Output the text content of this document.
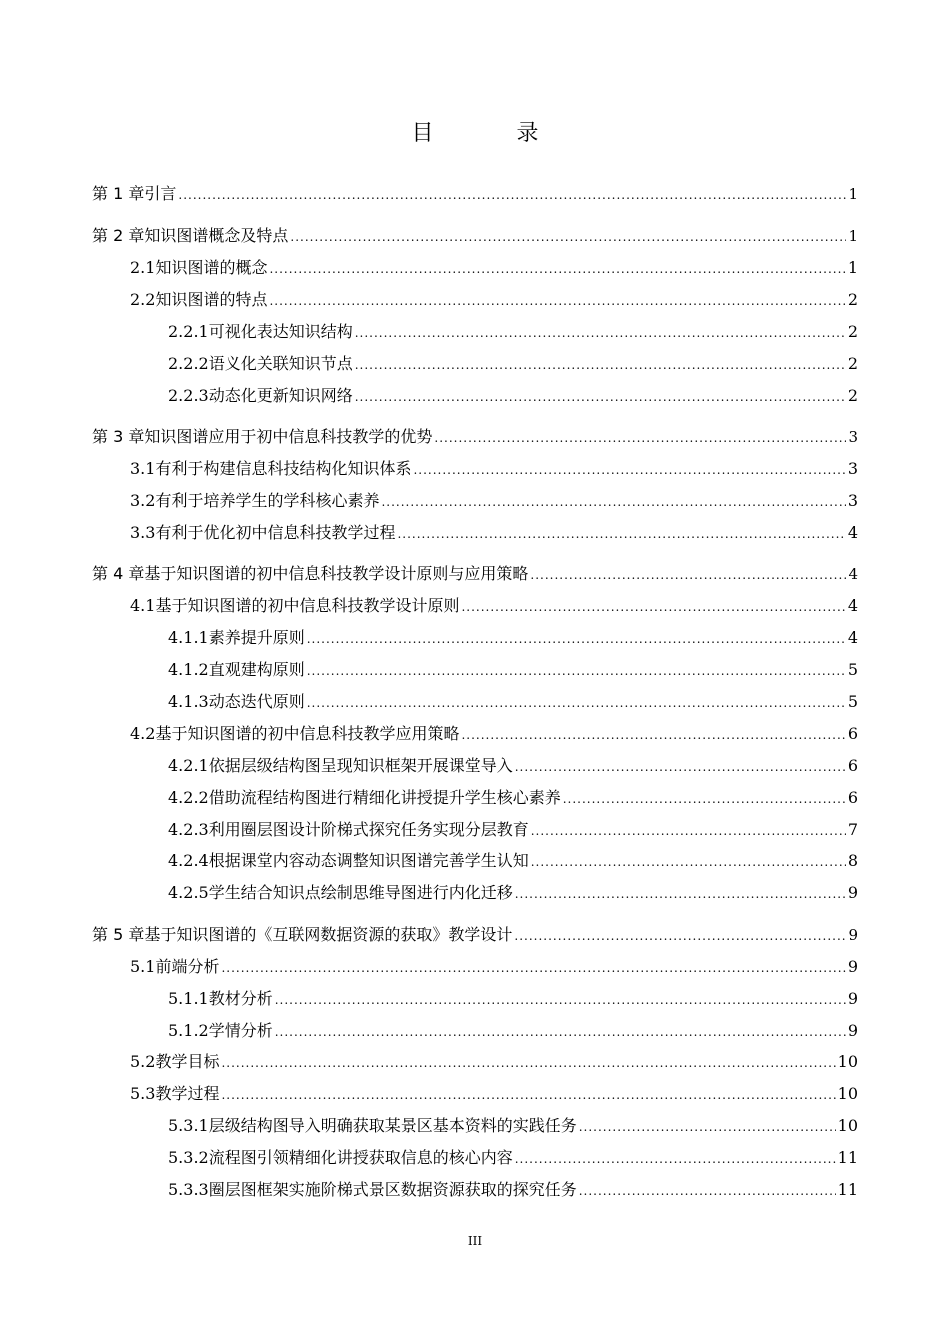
目 录
第 1 章 引言 .....	1
第 2 章 知识图谱概念及特点 .....	1
2.1 知识图谱的概念 .....	1
2.2 知识图谱的特点 .....	2
2.2.1 可视化表达知识结构 .....	2
2.2.2 语义化关联知识节点 .....	2
2.2.3 动态化更新知识网络 .....	2
第 3 章 知识图谱应用于初中信息科技教学的优势 .....	3
3.1 有利于构建信息科技结构化知识体系 .....	3
3.2 有利于培养学生的学科核心素养 .....	3
3.3 有利于优化初中信息科技教学过程 .....	4
第 4 章 基于知识图谱的初中信息科技教学设计原则与应用策略 .....	4
4.1 基于知识图谱的初中信息科技教学设计原则 .....	4
4.1.1 素养提升原则 .....	4
4.1.2 直观建构原则 .....	5
4.1.3 动态迭代原则 .....	5
4.2 基于知识图谱的初中信息科技教学应用策略 .....	6
4.2.1 依据层级结构图呈现知识框架开展课堂导入 .....	6
4.2.2 借助流程结构图进行精细化讲授提升学生核心素养 .....	6
4.2.3 利用圈层图设计阶梯式探究任务实现分层教育 .....	7
4.2.4 根据课堂内容动态调整知识图谱完善学生认知 .....	8
4.2.5 学生结合知识点绘制思维导图进行内化迁移 .....	9
第 5 章 基于知识图谱的《互联网数据资源的获取》教学设计 .....	9
5.1 前端分析 .....	9
5.1.1 教材分析 .....	9
5.1.2 学情分析 .....	9
5.2 教学目标 .....	10
5.3 教学过程 .....	10
5.3.1 层级结构图导入明确获取某景区基本资料的实践任务 .....	10
5.3.2 流程图引领精细化讲授获取信息的核心内容 .....	11
5.3.3 圈层图框架实施阶梯式景区数据资源获取的探究任务 .....	11
III
